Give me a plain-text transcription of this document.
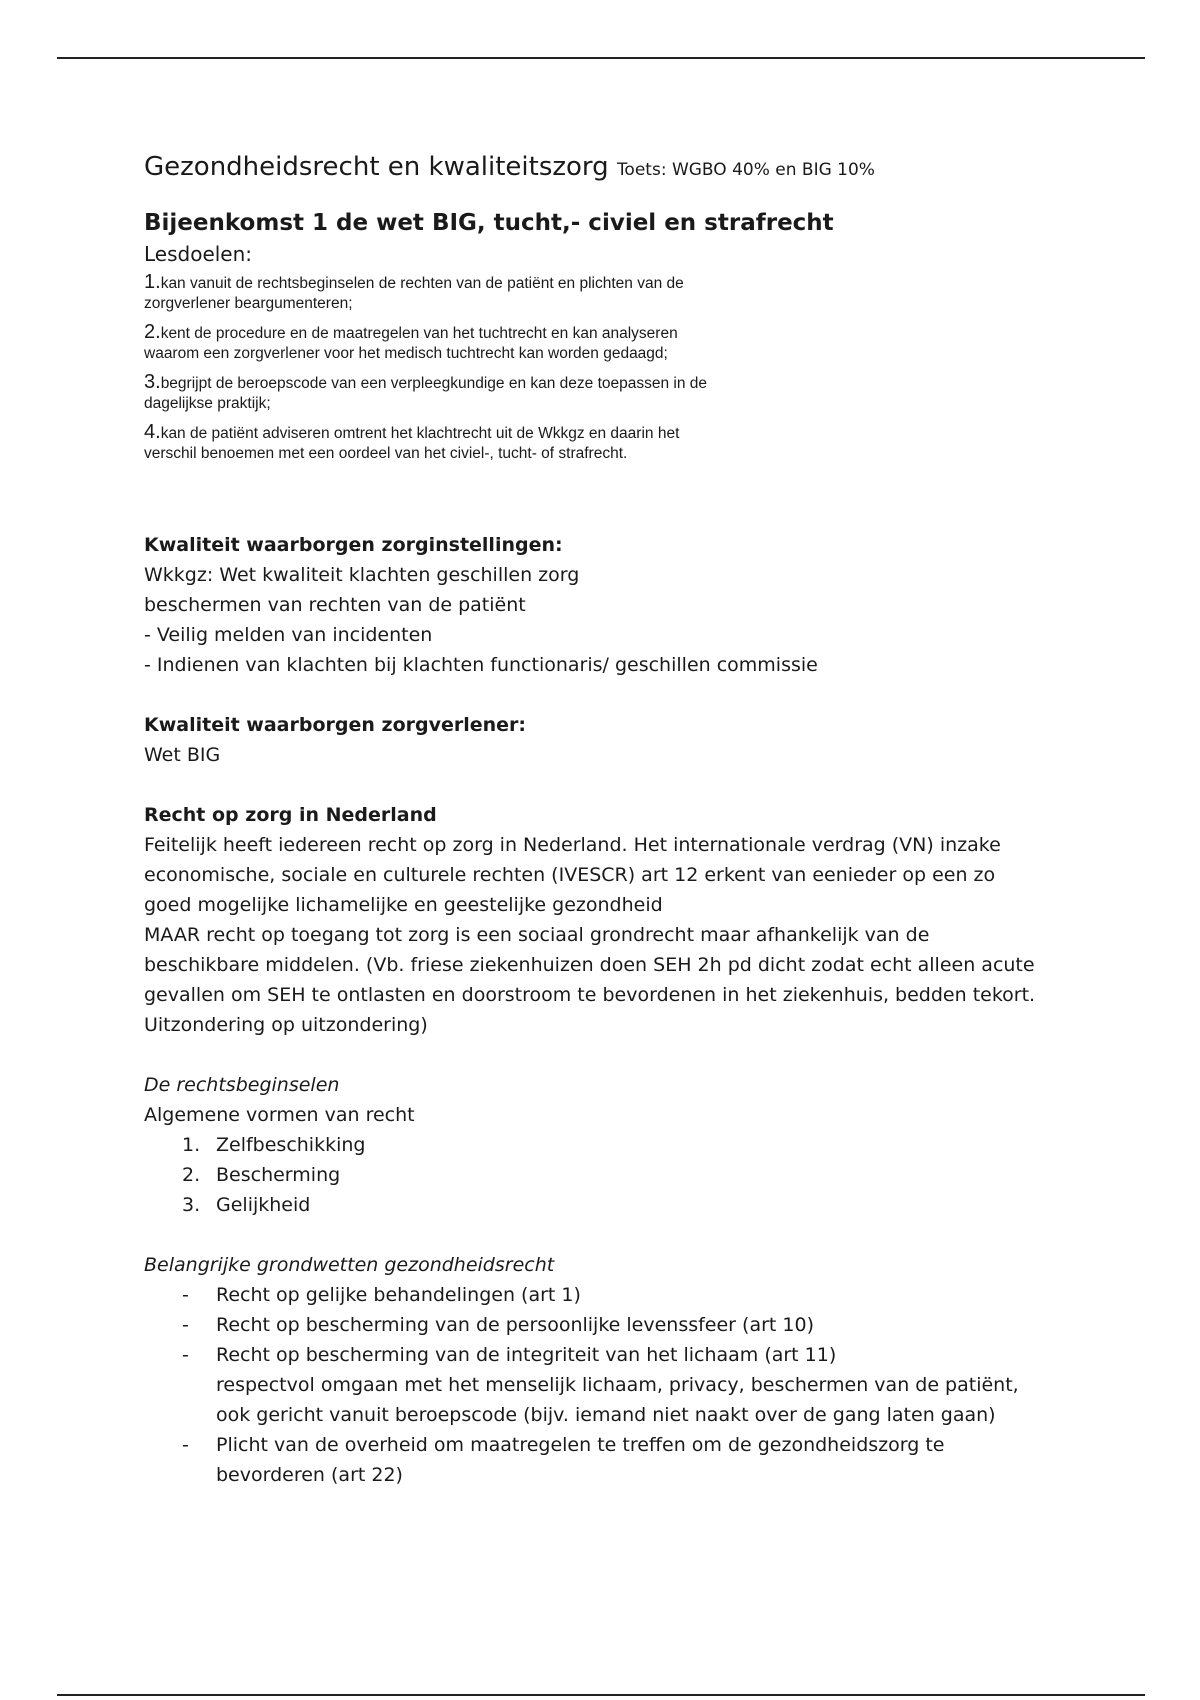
Gezondheidsrecht en kwaliteitszorg Toets: WGBO 40% en BIG 10%
Bijeenkomst 1 de wet BIG, tucht,- civiel en strafrecht
Lesdoelen:
1.kan vanuit de rechtsbeginselen de rechten van de patiënt en plichten van de
zorgverlener beargumenteren;
2.kent de procedure en de maatregelen van het tuchtrecht en kan analyseren
waarom een zorgverlener voor het medisch tuchtrecht kan worden gedaagd;
3.begrijpt de beroepscode van een verpleegkundige en kan deze toepassen in de
dagelijkse praktijk;
4.kan de patiënt adviseren omtrent het klachtrecht uit de Wkkgz en daarin het
verschil benoemen met een oordeel van het civiel-, tucht- of strafrecht.
Kwaliteit waarborgen zorginstellingen:
Wkkgz: Wet kwaliteit klachten geschillen zorg
beschermen van rechten van de patiënt
- Veilig melden van incidenten
- Indienen van klachten bij klachten functionaris/ geschillen commissie
Kwaliteit waarborgen zorgverlener:
Wet BIG
Recht op zorg in Nederland
Feitelijk heeft iedereen recht op zorg in Nederland. Het internationale verdrag (VN) inzake
economische, sociale en culturele rechten (IVESCR) art 12 erkent van eenieder op een zo
goed mogelijke lichamelijke en geestelijke gezondheid
MAAR recht op toegang tot zorg is een sociaal grondrecht maar afhankelijk van de
beschikbare middelen. (Vb. friese ziekenhuizen doen SEH 2h pd dicht zodat echt alleen acute
gevallen om SEH te ontlasten en doorstroom te bevordenen in het ziekenhuis, bedden tekort.
Uitzondering op uitzondering)
De rechtsbeginselen
Algemene vormen van recht
1. Zelfbeschikking
2. Bescherming
3. Gelijkheid
Belangrijke grondwetten gezondheidsrecht
- Recht op gelijke behandelingen (art 1)
- Recht op bescherming van de persoonlijke levenssfeer (art 10)
- Recht op bescherming van de integriteit van het lichaam (art 11)
respectvol omgaan met het menselijk lichaam, privacy, beschermen van de patiënt,
ook gericht vanuit beroepscode (bijv. iemand niet naakt over de gang laten gaan)
- Plicht van de overheid om maatregelen te treffen om de gezondheidszorg te
bevorderen (art 22)
